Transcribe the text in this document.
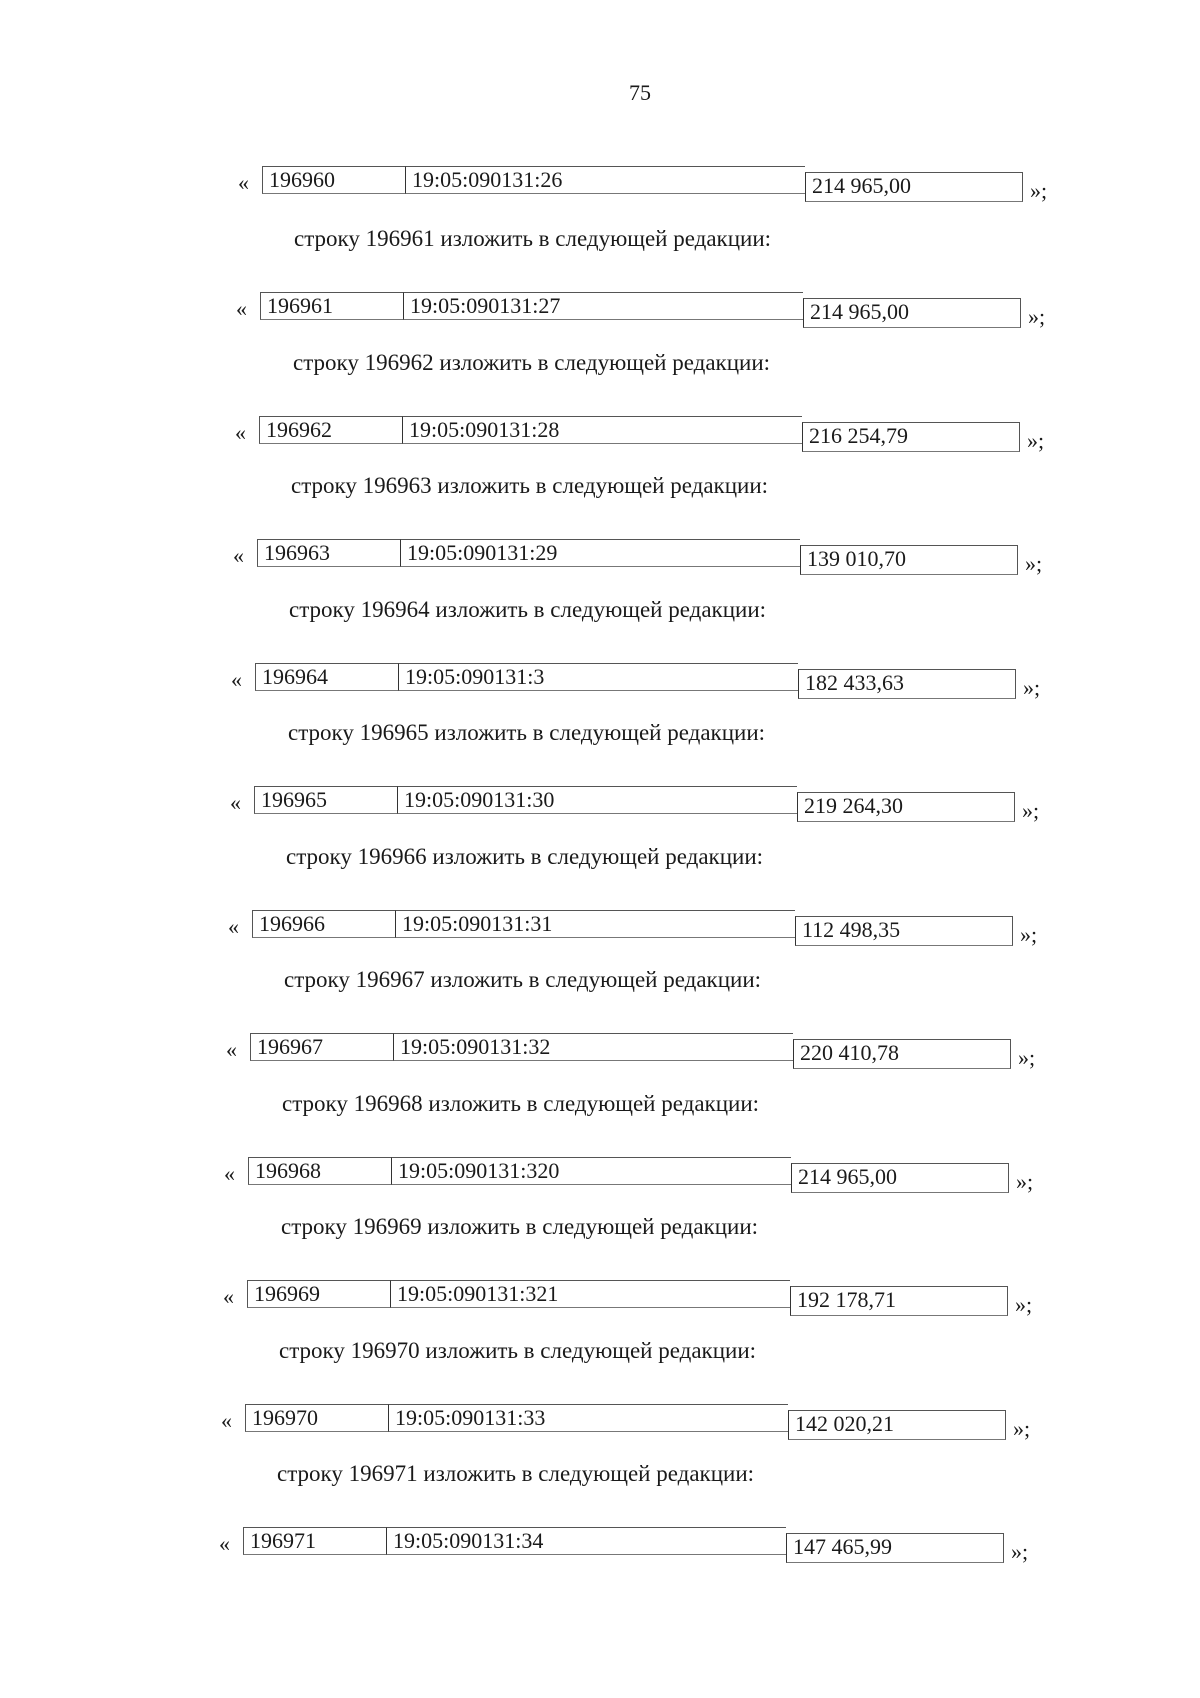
75
« 196960	19:05:090131:26	214 965,00	»;
строку 196961 изложить в следующей редакции:
« 196961	19:05:090131:27	214 965,00	»;
строку 196962 изложить в следующей редакции:
« 196962	19:05:090131:28	216 254,79	»;
строку 196963 изложить в следующей редакции:
« 196963	19:05:090131:29	139 010,70	»;
строку 196964 изложить в следующей редакции:
« 196964	19:05:090131:3	182 433,63	»;
строку 196965 изложить в следующей редакции:
« 196965	19:05:090131:30	219 264,30	»;
строку 196966 изложить в следующей редакции:
« 196966	19:05:090131:31	112 498,35	»;
строку 196967 изложить в следующей редакции:
« 196967	19:05:090131:32	220 410,78	»;
строку 196968 изложить в следующей редакции:
« 196968	19:05:090131:320	214 965,00	»;
строку 196969 изложить в следующей редакции:
« 196969	19:05:090131:321	192 178,71	»;
строку 196970 изложить в следующей редакции:
« 196970	19:05:090131:33	142 020,21	»;
строку 196971 изложить в следующей редакции:
« 196971	19:05:090131:34	147 465,99	»;
